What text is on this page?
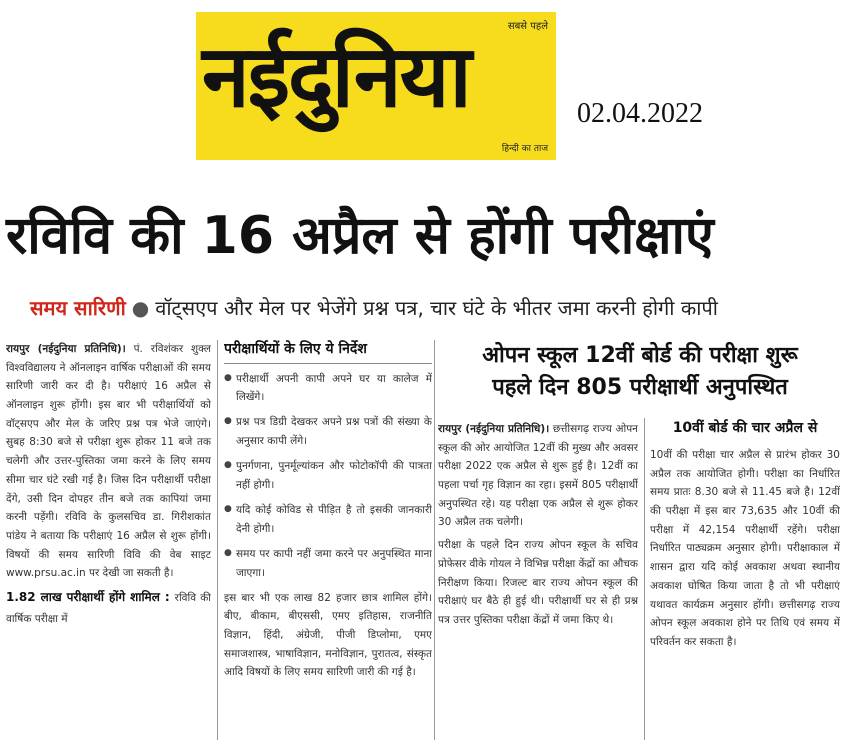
सबसे पहले
नईदुनिया
हिन्दी का ताज
02.04.2022
रविवि की 16 अप्रैल से होंगी परीक्षाएं
समय सारिणी ● वॉट्सएप और मेल पर भेजेंगे प्रश्न पत्र, चार घंटे के भीतर जमा करनी होगी कापी

रायपुर (नईदुनिया प्रतिनिधि)। पं. रविशंकर शुक्ल विश्वविद्यालय ने ऑनलाइन वार्षिक परीक्षाओं की समय सारिणी जारी कर दी है। परीक्षाएं 16 अप्रैल से ऑनलाइन शुरू होंगी। इस बार भी परीक्षार्थियों को वॉट्सएप और मेल के जरिए प्रश्न पत्र भेजे जाएंगे। सुबह 8:30 बजे से परीक्षा शुरू होकर 11 बजे तक चलेगी और उत्तर-पुस्तिका जमा करने के लिए समय सीमा चार घंटे रखी गई है। जिस दिन परीक्षार्थी परीक्षा देंगे, उसी दिन दोपहर तीन बजे तक कापियां जमा करनी पड़ेंगी। रविवि के कुलसचिव डा. गिरीशकांत पांडेय ने बताया कि परीक्षाएं 16 अप्रैल से शुरू होंगी। विषयों की समय सारिणी विवि की वेब साइट www.prsu.ac.in पर देखी जा सकती है।

1.82 लाख परीक्षार्थी होंगे शामिल : रविवि की वार्षिक परीक्षा में

परीक्षार्थियों के लिए ये निर्देश
● परीक्षार्थी अपनी कापी अपने घर या कालेज में लिखेंगे।
● प्रश्न पत्र डिग्री देखकर अपने प्रश्न पत्रों की संख्या के अनुसार कापी लेंगे।
● पुनर्गणना, पुनर्मूल्यांकन और फोटोकॉपी की पात्रता नहीं होगी।
● यदि कोई कोविड से पीड़ित है तो इसकी जानकारी देनी होगी।
● समय पर कापी नहीं जमा करने पर अनुपस्थित माना जाएगा।

इस बार भी एक लाख 82 हजार छात्र शामिल होंगे। बीए, बीकाम, बीएससी, एमए इतिहास, राजनीति विज्ञान, हिंदी, अंग्रेजी, पीजी डिप्लोमा, एमए समाजशास्त्र, भाषाविज्ञान, मनोविज्ञान, पुरातत्व, संस्कृत आदि विषयों के लिए समय सारिणी जारी की गई है।

ओपन स्कूल 12वीं बोर्ड की परीक्षा शुरू
पहले दिन 805 परीक्षार्थी अनुपस्थित
10वीं बोर्ड की चार अप्रैल से

रायपुर (नईदुनिया प्रतिनिधि)। छत्तीसगढ़ राज्य ओपन स्कूल की ओर आयोजित 12वीं की मुख्य और अवसर परीक्षा 2022 एक अप्रैल से शुरू हुई है। 12वीं का पहला पर्चा गृह विज्ञान का रहा। इसमें 805 परीक्षार्थी अनुपस्थित रहे। यह परीक्षा एक अप्रैल से शुरू होकर 30 अप्रैल तक चलेगी।

परीक्षा के पहले दिन राज्य ओपन स्कूल के सचिव प्रोफेसर वीके गोयल ने विभिन्न परीक्षा केंद्रों का औचक निरीक्षण किया। रिजल्ट बार राज्य ओपन स्कूल की परीक्षाएं घर बैठे ही हुई थी। परीक्षार्थी घर से ही प्रश्न पत्र उत्तर पुस्तिका परीक्षा केंद्रों में जमा किए थे।

10वीं की परीक्षा चार अप्रैल से प्रारंभ होकर 30 अप्रैल तक आयोजित होगी। परीक्षा का निर्धारित समय प्रातः 8.30 बजे से 11.45 बजे है। 12वीं की परीक्षा में इस बार 73,635 और 10वीं की परीक्षा में 42,154 परीक्षार्थी रहेंगे। परीक्षा निर्धारित पाठ्यक्रम अनुसार होगी। परीक्षाकाल में शासन द्वारा यदि कोई अवकाश अथवा स्थानीय अवकाश घोषित किया जाता है तो भी परीक्षाएं यथावत कार्यक्रम अनुसार होंगी। छत्तीसगढ़ राज्य ओपन स्कूल अवकाश होने पर तिथि एवं समय में परिवर्तन कर सकता है।
